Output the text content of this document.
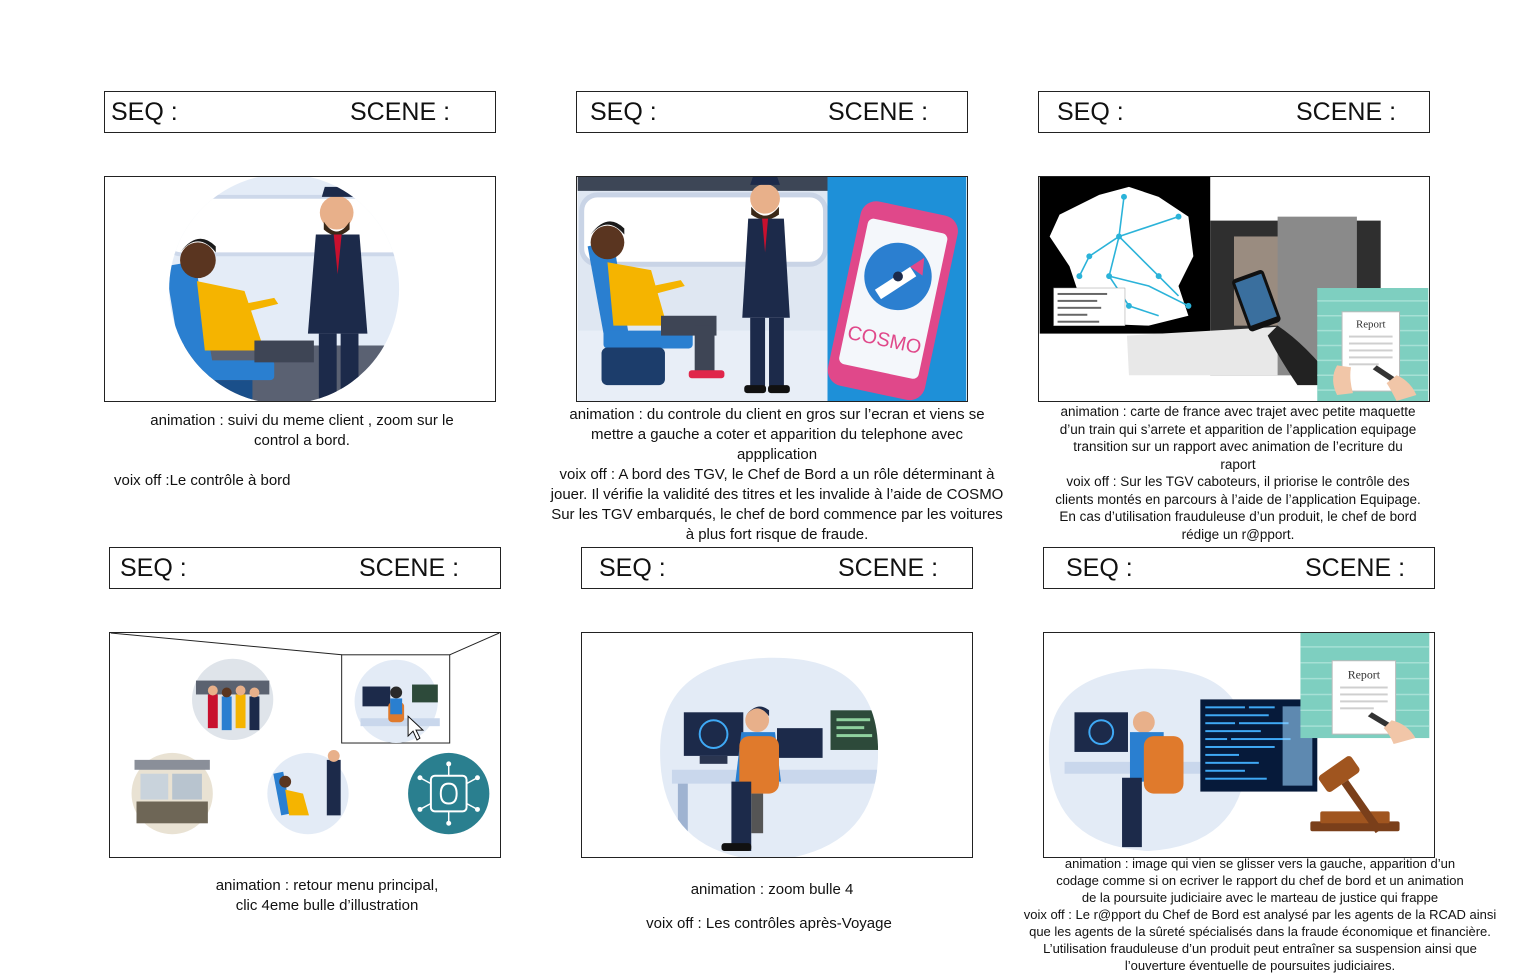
SEQ :	SCENE :	SEQ :	SCENE :	SEQ :	SCENE :
COSMO	Report
animation : suivi du meme client , zoom sur le
control a bord.
voix off :Le contrôle à bord
animation : du controle du client en gros sur l’ecran et viens se
mettre a gauche a coter et apparition du telephone avec
appplication
voix off : A bord des TGV, le Chef de Bord a un rôle déterminant à
jouer. Il vérifie la validité des titres et les invalide à l’aide de COSMO
Sur les TGV embarqués, le chef de bord commence par les voitures
à plus fort risque de fraude.
animation : carte de france avec trajet avec petite maquette
d’un train qui s’arrete et apparition de l’application equipage
transition sur un rapport avec animation de l’ecriture du
raport
voix off : Sur les TGV caboteurs, il priorise le contrôle des
clients montés en parcours à l’aide de l’application Equipage.
En cas d’utilisation frauduleuse d’un produit, le chef de bord
rédige un r@pport.
SEQ :	SCENE :	SEQ :	SCENE :	SEQ :	SCENE :
Report
animation : retour menu principal,
clic 4eme bulle d’illustration
animation : zoom bulle 4
voix off : Les contrôles après-Voyage
animation : image qui vien se glisser vers la gauche, apparition d’un
codage comme si on ecriver le rapport du chef de bord et un animation
de la poursuite judiciaire avec le marteau de justice qui frappe
voix off : Le r@pport du Chef de Bord est analysé par les agents de la RCAD ainsi
que les agents de la sûreté spécialisés dans la fraude économique et financière.
L’utilisation frauduleuse d’un produit peut entraîner sa suspension ainsi que
l’ouverture éventuelle de poursuites judiciaires.
